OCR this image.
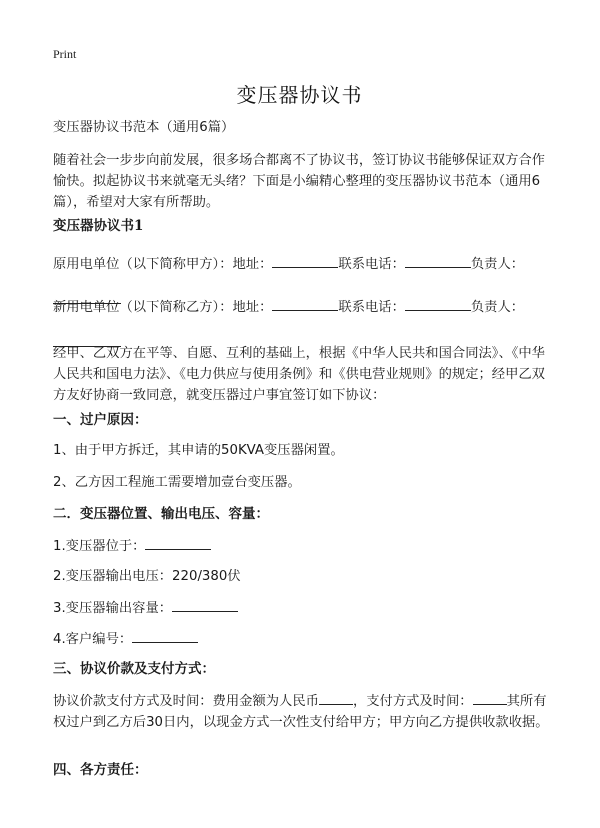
Print
变压器协议书
变压器协议书范本（通用6篇）
随着社会一步步向前发展，很多场合都离不了协议书，签订协议书能够保证双方合作愉快。拟起协议书来就毫无头绪？下面是小编精心整理的变压器协议书范本（通用6篇），希望对大家有所帮助。
变压器协议书1
原用电单位（以下简称甲方）：地址：	联系电话：	负责人：

新用电单位（以下简称乙方）：地址：	联系电话：	负责人：

经甲、乙双方在平等、自愿、互利的基础上，根据《中华人民共和国合同法》、《中华人民共和国电力法》、《电力供应与使用条例》和《供电营业规则》的规定；经甲乙双方友好协商一致同意，就变压器过户事宜签订如下协议：
一、过户原因：
1、由于甲方拆迁，其申请的50KVA变压器闲置。
2、乙方因工程施工需要增加壹台变压器。
二．变压器位置、输出电压、容量：
1.变压器位于：
2.变压器输出电压：220/380伏
3.变压器输出容量：
4.客户编号：
三、协议价款及支付方式：
协议价款支付方式及时间：费用金额为人民币	，支付方式及时间：	其所有权过户到乙方后30日内，以现金方式一次性支付给甲方；甲方向乙方提供收款收据。
四、各方责任：
